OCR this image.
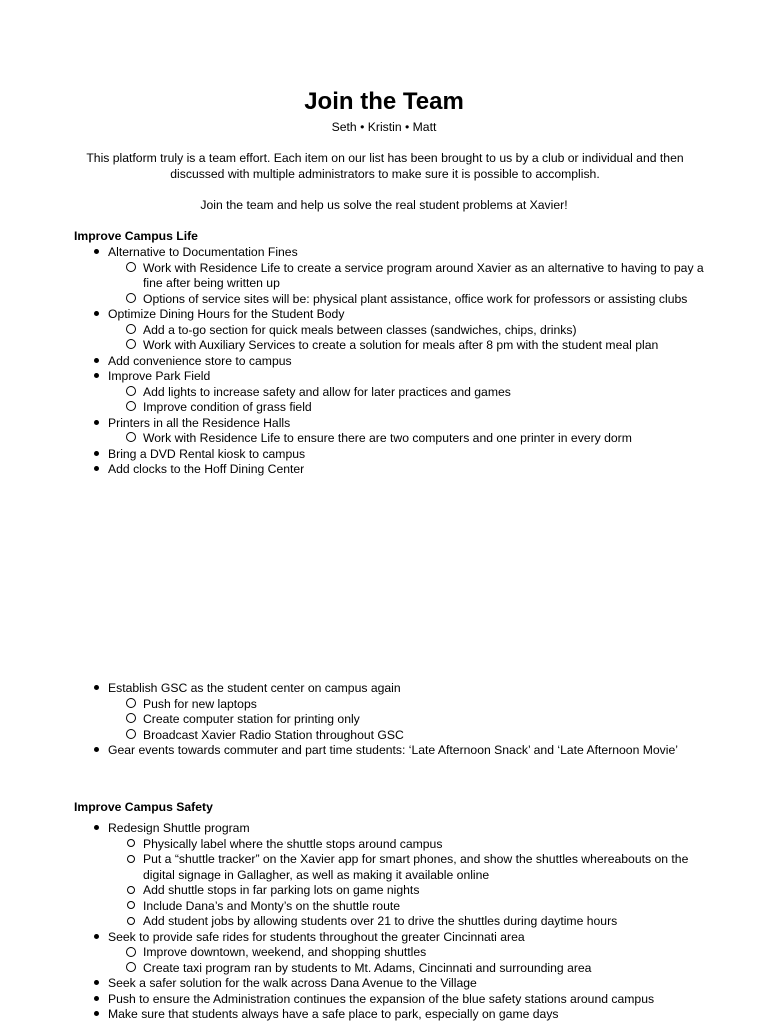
Join the Team
Seth • Kristin • Matt
This platform truly is a team effort. Each item on our list has been brought to us by a club or individual and then discussed with multiple administrators to make sure it is possible to accomplish.
Join the team and help us solve the real student problems at Xavier!
Improve Campus Life
Alternative to Documentation Fines
Work with Residence Life to create a service program around Xavier as an alternative to having to pay a fine after being written up
Options of service sites will be: physical plant assistance, office work for professors or assisting clubs
Optimize Dining Hours for the Student Body
Add a to-go section for quick meals between classes (sandwiches, chips, drinks)
Work with Auxiliary Services to create a solution for meals after 8 pm with the student meal plan
Add convenience store to campus
Improve Park Field
Add lights to increase safety and allow for later practices and games
Improve condition of grass field
Printers in all the Residence Halls
Work with Residence Life to ensure there are two computers and one printer in every dorm
Bring a DVD Rental kiosk to campus
Add clocks to the Hoff Dining Center
Establish GSC as the student center on campus again
Push for new laptops
Create computer station for printing only
Broadcast Xavier Radio Station throughout GSC
Gear events towards commuter and part time students: ‘Late Afternoon Snack’ and ‘Late Afternoon Movie’
Improve Campus Safety
Redesign Shuttle program
Physically label where the shuttle stops around campus
Put a “shuttle tracker” on the Xavier app for smart phones, and show the shuttles whereabouts on the digital signage in Gallagher, as well as making it available online
Add shuttle stops in far parking lots on game nights
Include Dana’s and Monty’s on the shuttle route
Add student jobs by allowing students over 21 to drive the shuttles during daytime hours
Seek to provide safe rides for students throughout the greater Cincinnati area
Improve downtown, weekend, and shopping shuttles
Create taxi program ran by students to Mt. Adams, Cincinnati and surrounding area
Seek a safer solution for the walk across Dana Avenue to the Village
Push to ensure the Administration continues the expansion of the blue safety stations around campus
Make sure that students always have a safe place to park, especially on game days
